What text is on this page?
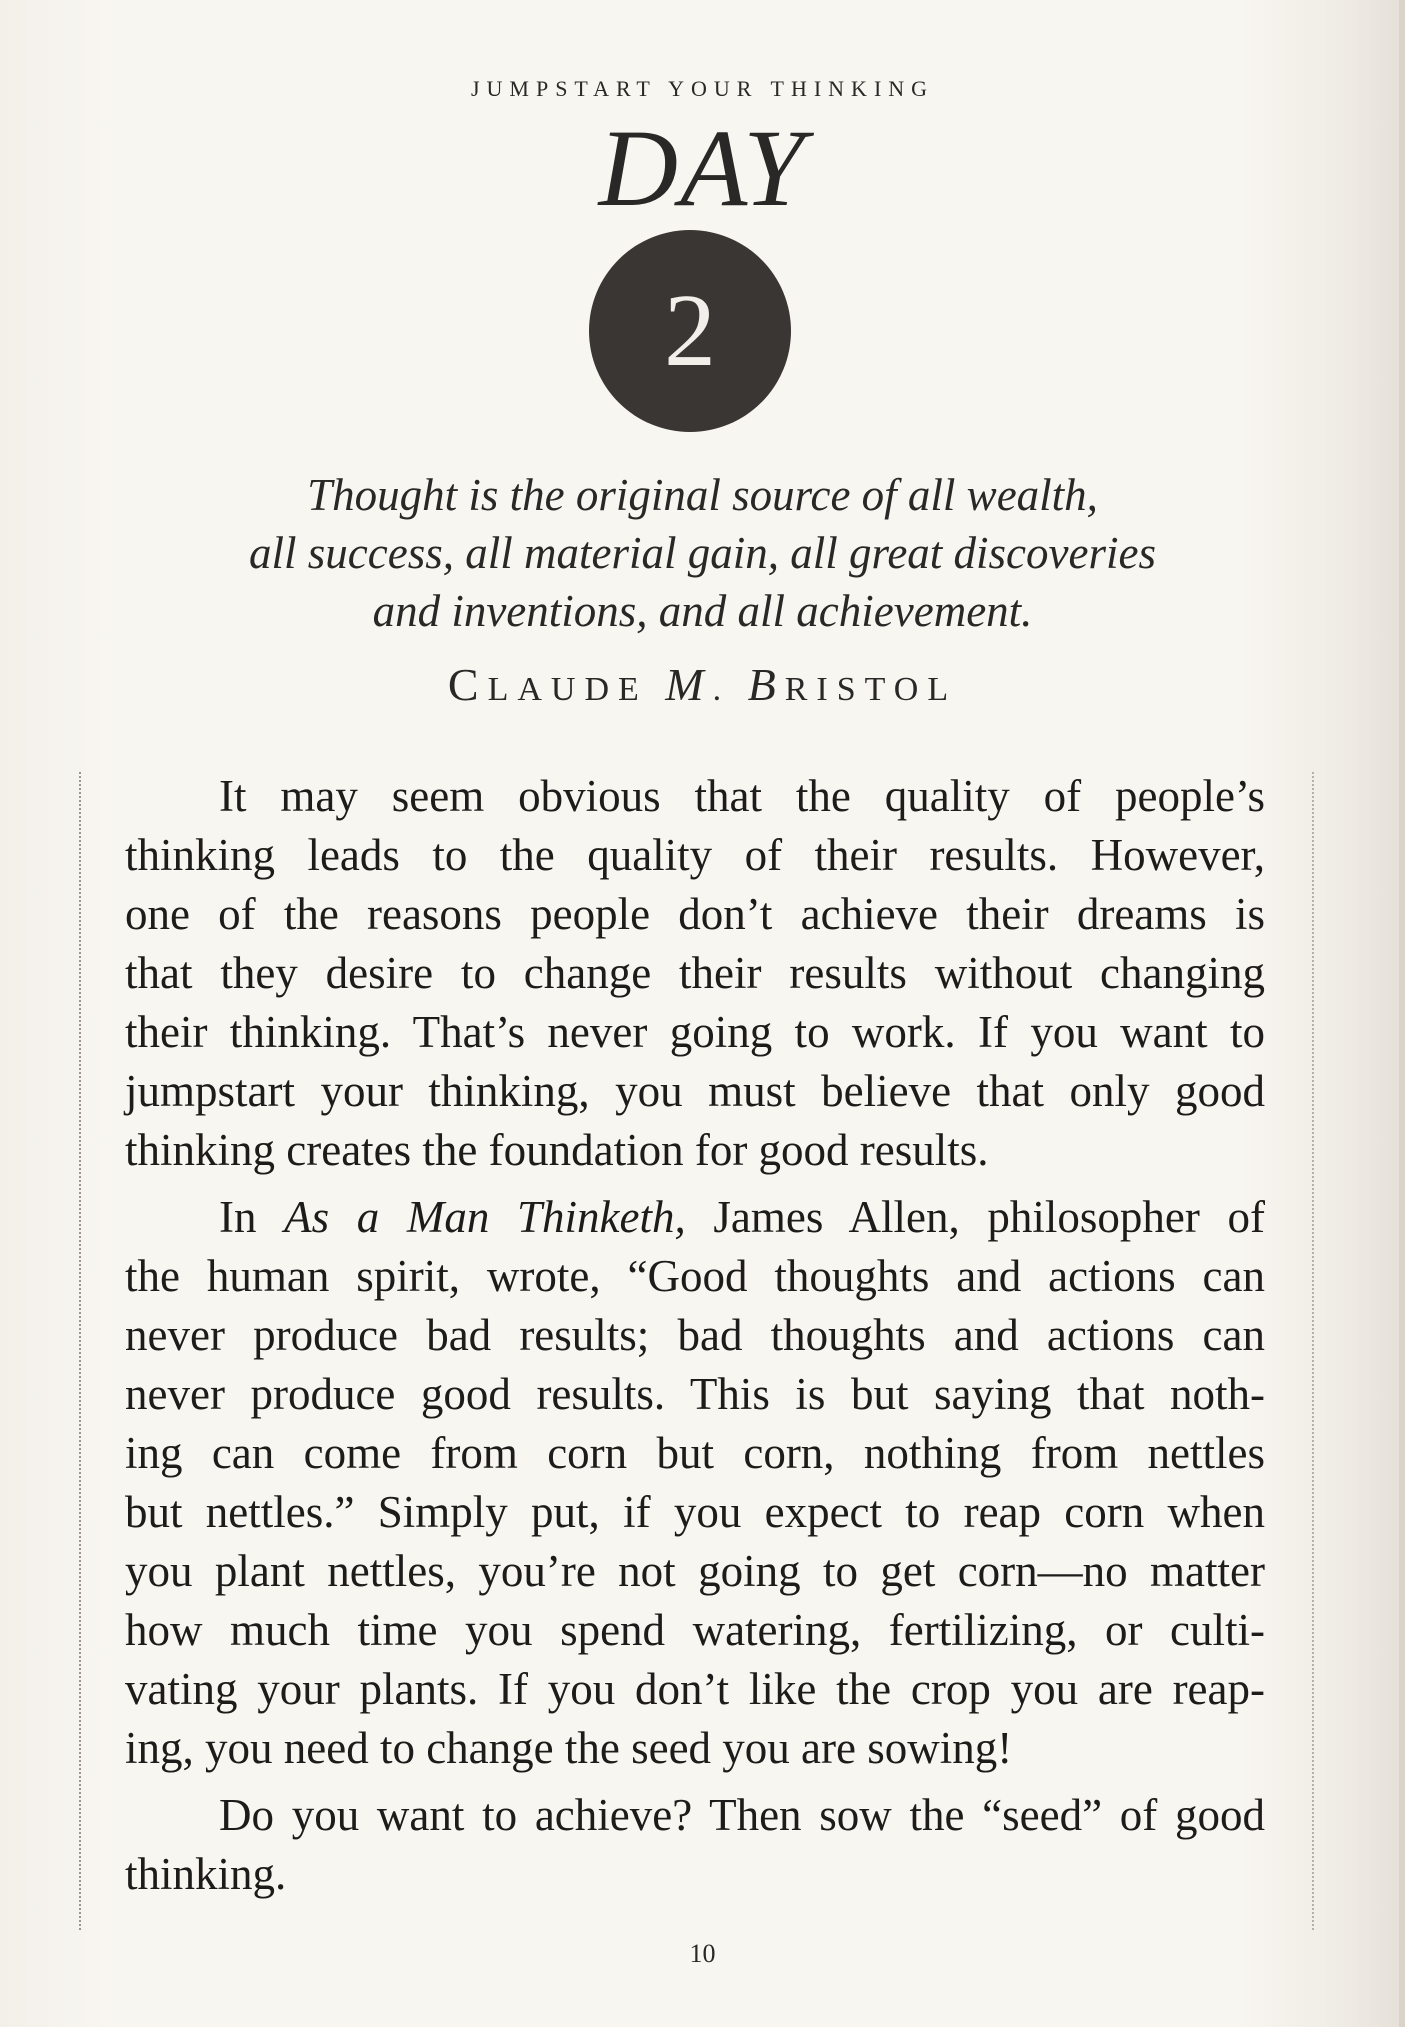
JUMPSTART YOUR THINKING
DAY
2
Thought is the original source of all wealth,
all success, all material gain, all great discoveries
and inventions, and all achievement.
CLAUDE M. BRISTOL
It may seem obvious that the quality of people’s
thinking leads to the quality of their results. However,
one of the reasons people don’t achieve their dreams is
that they desire to change their results without changing
their thinking. That’s never going to work. If you want to
jumpstart your thinking, you must believe that only good
thinking creates the foundation for good results.
In As a Man Thinketh, James Allen, philosopher of
the human spirit, wrote, “Good thoughts and actions can
never produce bad results; bad thoughts and actions can
never produce good results. This is but saying that noth-
ing can come from corn but corn, nothing from nettles
but nettles.” Simply put, if you expect to reap corn when
you plant nettles, you’re not going to get corn—no matter
how much time you spend watering, fertilizing, or culti-
vating your plants. If you don’t like the crop you are reap-
ing, you need to change the seed you are sowing!
Do you want to achieve? Then sow the “seed” of good
thinking.
10
